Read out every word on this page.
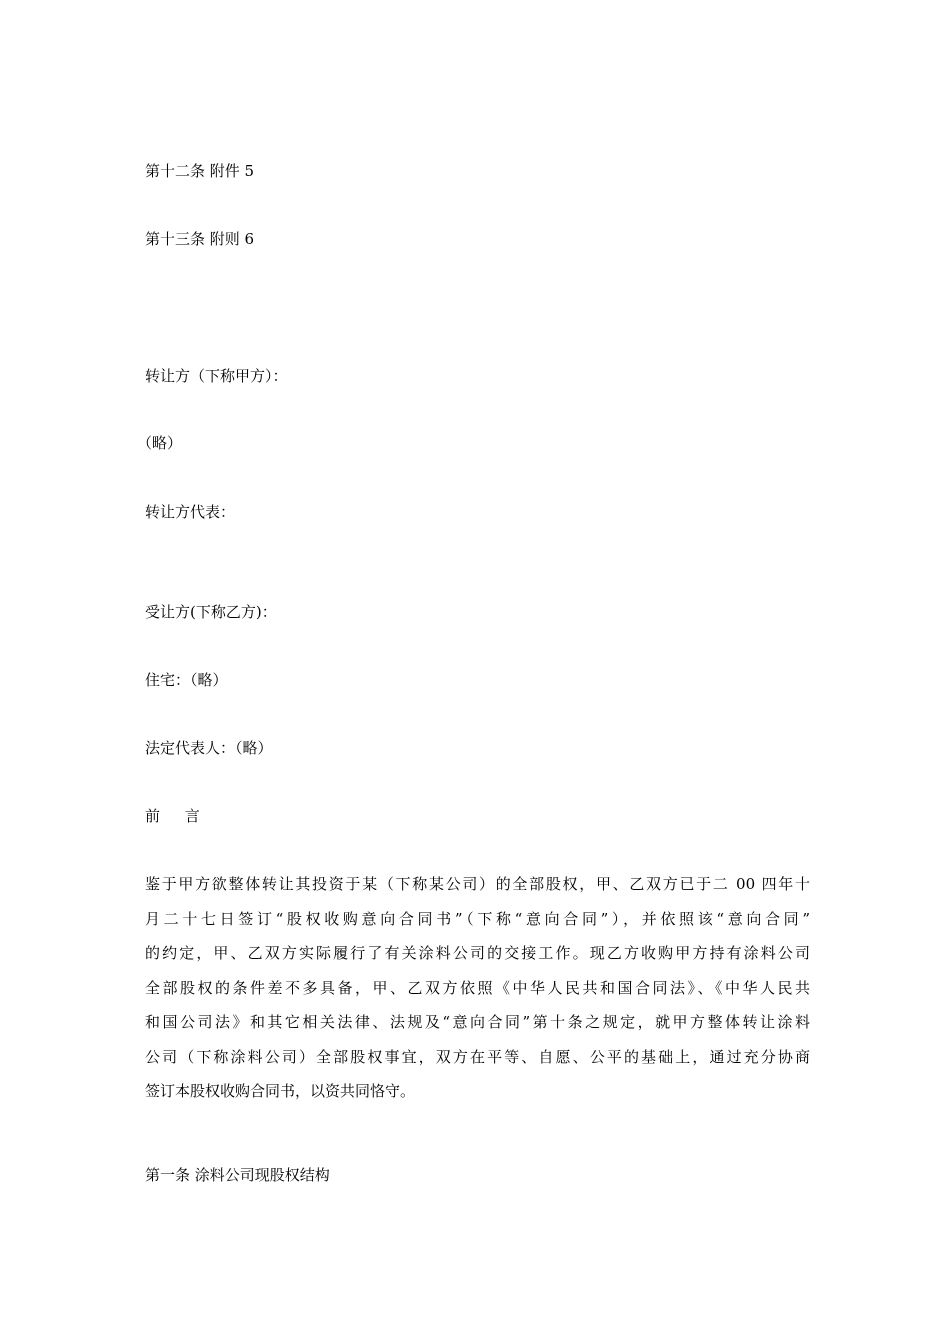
第十二条 附件 5
第十三条 附则 6
转让方（下称甲方）：
（略）
转让方代表：
受让方(下称乙方)：
住宅：（略）
法定代表人：（略）
前 言
鉴于甲方欲整体转让其投资于某（下称某公司）的全部股权，甲、乙双方已于二 00 四年十
月二十七日签订“股权收购意向合同书”（下称“意向合同”），并依照该“意向合同”
的约定，甲、乙双方实际履行了有关涂料公司的交接工作。现乙方收购甲方持有涂料公司
全部股权的条件差不多具备，甲、乙双方依照《中华人民共和国合同法》、《中华人民共
和国公司法》和其它相关法律、法规及“意向合同”第十条之规定，就甲方整体转让涂料
公司（下称涂料公司）全部股权事宜，双方在平等、自愿、公平的基础上，通过充分协商
签订本股权收购合同书，以资共同恪守。
第一条 涂料公司现股权结构
